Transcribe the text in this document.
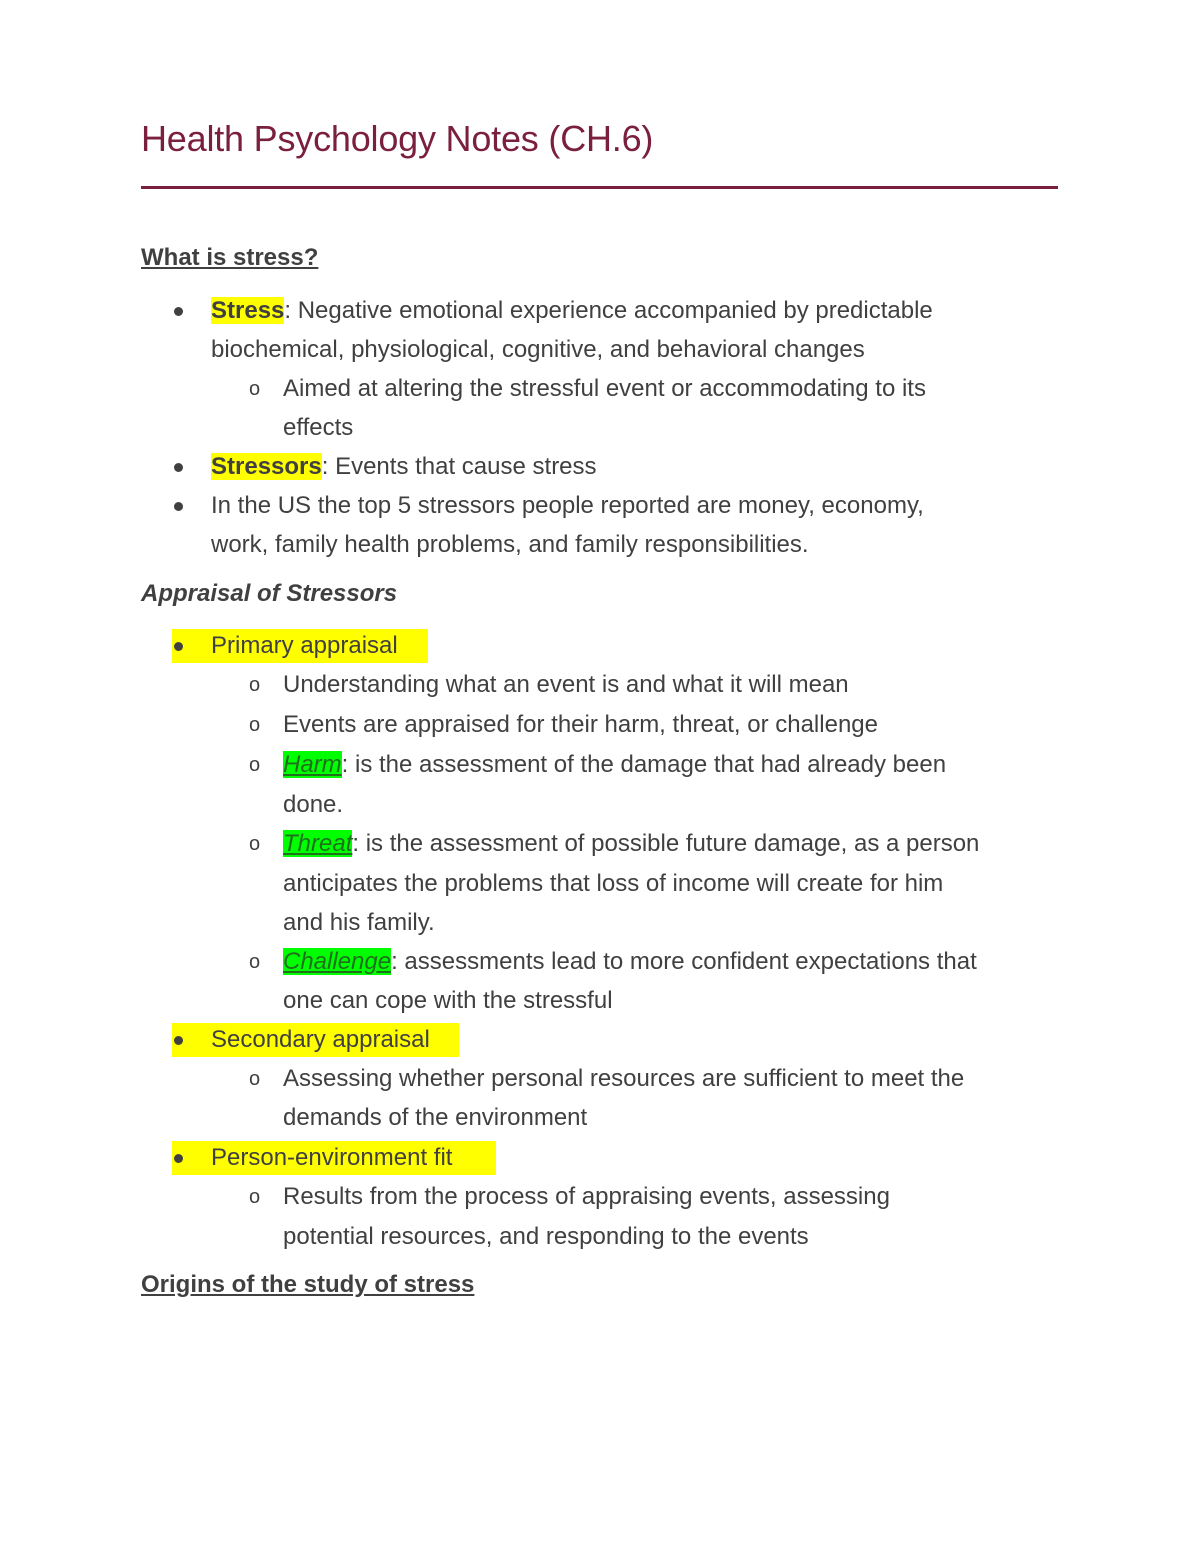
Health Psychology Notes (CH.6)
What is stress?
Stress: Negative emotional experience accompanied by predictable
biochemical, physiological, cognitive, and behavioral changes
o Aimed at altering the stressful event or accommodating to its
effects
Stressors: Events that cause stress
In the US the top 5 stressors people reported are money, economy,
work, family health problems, and family responsibilities.
Appraisal of Stressors
Primary appraisal
o Understanding what an event is and what it will mean
o Events are appraised for their harm, threat, or challenge
o Harm: is the assessment of the damage that had already been
done.
o Threat: is the assessment of possible future damage, as a person
anticipates the problems that loss of income will create for him
and his family.
o Challenge: assessments lead to more confident expectations that
one can cope with the stressful
Secondary appraisal
o Assessing whether personal resources are sufficient to meet the
demands of the environment
Person-environment fit
o Results from the process of appraising events, assessing
potential resources, and responding to the events
Origins of the study of stress
